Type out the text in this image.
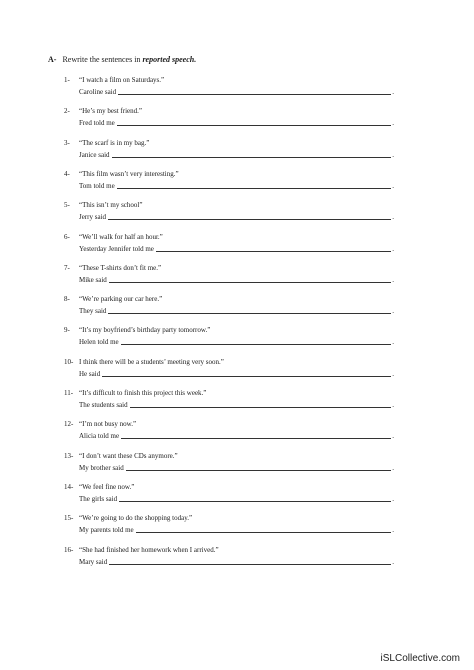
A- Rewrite the sentences in reported speech.
1- “I watch a film on Saturdays.”
Caroline said	.
2- “He’s my best friend.”
Fred told me	.
3- “The scarf is in my bag.”
Janice said	.
4- “This film wasn’t very interesting.”
Tom told me	.
5- “This isn’t my school”
Jerry said	.
6- “We’ll walk for half an hour.”
Yesterday Jennifer told me	.
7- “These T-shirts don’t fit me.”
Mike said	.
8- “We’re parking our car here.”
They said	.
9- “It’s my boyfriend’s birthday party tomorrow.”
Helen told me	.
10- I think there will be a students’ meeting very soon.”
He said	.
11- “It’s difficult to finish this project this week.”
The students said	.
12- “I’m not busy now.”
Alicia told me	.
13- “I don’t want these CDs anymore.”
My brother said	.
14- “We feel fine now.”
The girls said	.
15- “We’re going to do the shopping today.”
My parents told me	.
16- “She had finished her homework when I arrived.”
Mary said	.
iSLCollective.com
